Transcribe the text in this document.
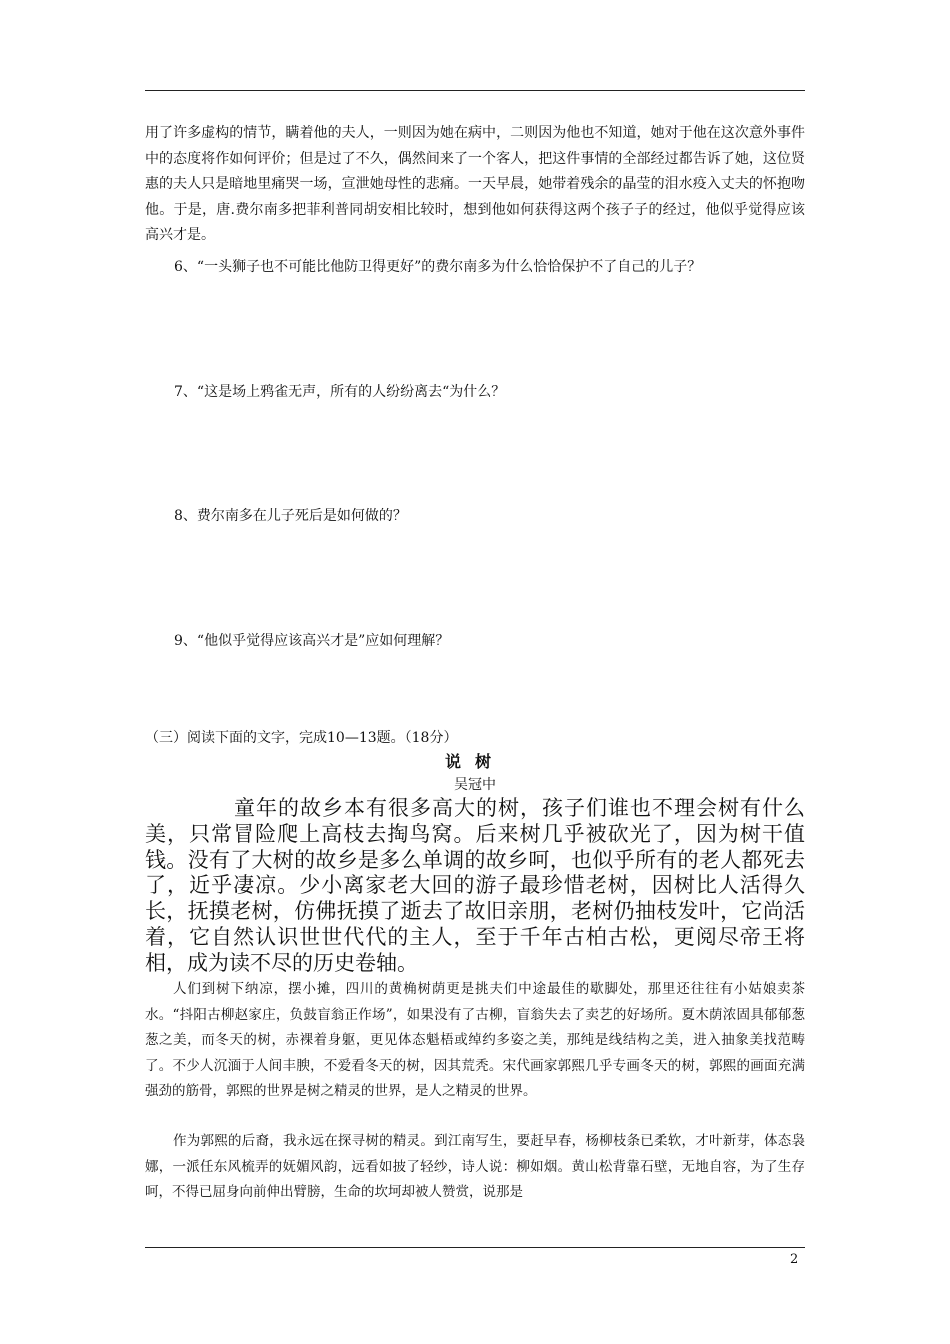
用了许多虚构的情节，瞒着他的夫人，一则因为她在病中，二则因为他也不知道，她对于他在这次意外事件中的态度将作如何评价；但是过了不久，偶然间来了一个客人，把这件事情的全部经过都告诉了她，这位贤惠的夫人只是暗地里痛哭一场，宣泄她母性的悲痛。一天早晨，她带着残余的晶莹的泪水疫入丈夫的怀抱吻他。于是，唐.费尔南多把菲利普同胡安相比较时，想到他如何获得这两个孩子子的经过，他似乎觉得应该高兴才是。

6、“一头狮子也不可能比他防卫得更好”的费尔南多为什么恰恰保护不了自己的儿子？

7、“这是场上鸦雀无声，所有的人纷纷离去“为什么？

8、费尔南多在儿子死后是如何做的？

9、“他似乎觉得应该高兴才是”应如何理解？

（三）阅读下面的文字，完成10—13题。（18分）

说树

吴冠中

童年的故乡本有很多高大的树，孩子们谁也不理会树有什么美，只常冒险爬上高枝去掏鸟窝。后来树几乎被砍光了，因为树干值钱。没有了大树的故乡是多么单调的故乡呵，也似乎所有的老人都死去了，近乎凄凉。少小离家老大回的游子最珍惜老树，因树比人活得久长，抚摸老树，仿佛抚摸了逝去了故旧亲朋，老树仍抽枝发叶，它尚活着，它自然认识世世代代的主人，至于千年古柏古松，更阅尽帝王将相，成为读不尽的历史卷轴。

人们到树下纳凉，摆小摊，四川的黄桷树荫更是挑夫们中途最佳的歇脚处，那里还往往有小姑娘卖茶水。“抖阳古柳赵家庄，负鼓盲翁正作场”，如果没有了古柳，盲翁失去了卖艺的好场所。夏木荫浓固具郁郁葱葱之美，而冬天的树，赤裸着身躯，更见体态魁梧或绰约多姿之美，那纯是线结构之美，进入抽象美找范畴了。不少人沉湎于人间丰腴，不爱看冬天的树，因其荒秃。宋代画家郭熙几乎专画冬天的树，郭熙的画面充满强劲的筋骨，郭熙的世界是树之精灵的世界，是人之精灵的世界。

作为郭熙的后裔，我永远在探寻树的精灵。到江南写生，要赶早春，杨柳枝条已柔软，才叶新芽，体态袅娜，一派任东风梳弄的妩媚风韵，远看如披了轻纱，诗人说：柳如烟。黄山松背靠石壁，无地自容，为了生存呵，不得已屈身向前伸出臂膀，生命的坎坷却被人赞赏，说那是

2
